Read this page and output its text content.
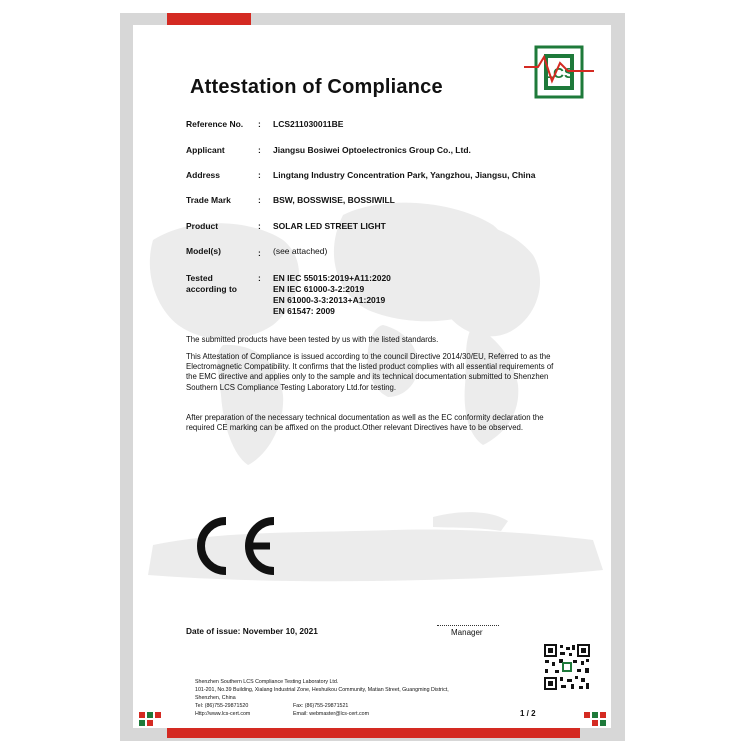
LCS
Attestation of Compliance
Reference No. : LCS211030011BE
Applicant	: Jiangsu Bosiwei Optoelectronics Group Co., Ltd.
Address	: Lingtang Industry Concentration Park, Yangzhou, Jiangsu, China
Trade Mark	: BSW, BOSSWISE, BOSSIWILL
Product	: SOLAR LED STREET LIGHT
Model(s)	: (see attached)
Tested
according to
: EN IEC 55015:2019+A11:2020
EN IEC 61000-3-2:2019
EN 61000-3-3:2013+A1:2019
EN 61547: 2009

The submitted products have been tested by us with the listed standards.

This Attestation of Compliance is issued according to the council Directive 2014/30/EU, Referred to as the Electromagnetic Compatibility. It confirms that the listed product complies with all essential requirements of the EMC directive and applies only to the sample and its technical documentation submitted to Shenzhen Southern LCS Compliance Testing Laboratory Ltd.for testing.

After preparation of the necessary technical documentation as well as the EC conformity declaration the required CE marking can be affixed on the product.Other relevant Directives have to be observed.

Date of issue: November 10, 2021	Manager
Shenzhen Southern LCS Compliance Testing Laboratory Ltd.
101-201, No.39 Building, Xialang Industrial Zone, Heshuikou Community, Matian Street, Guangming District,
Shenzhen, China
Tel: (86)755-29871520	Fax: (86)755-29871521
Http://www.lcs-cert.com	Email: webmaster@lcs-cert.com	1 / 2
